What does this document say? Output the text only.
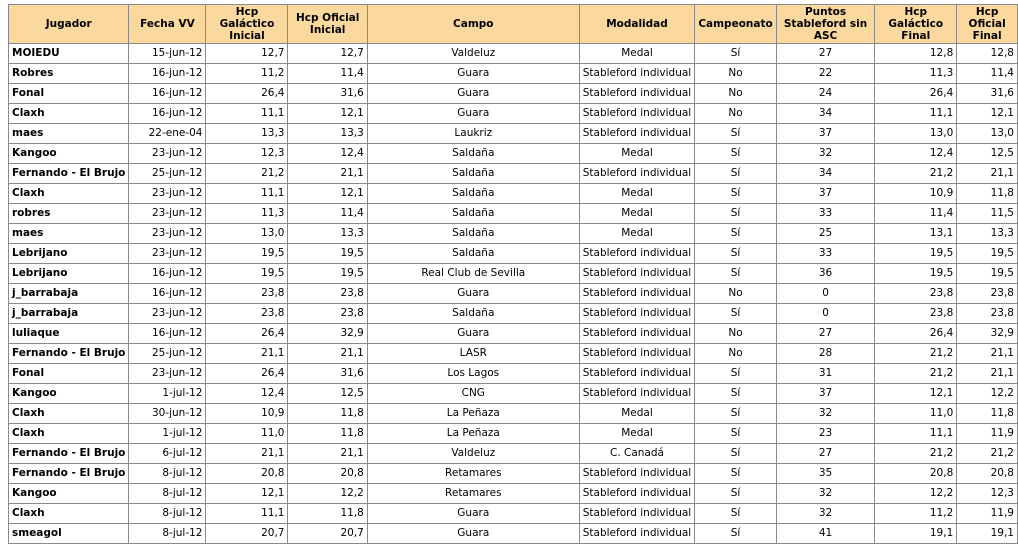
Jugador	Fecha VV	Hcp Galáctico Inicial	Hcp Oficial Inicial	Campo	Modalidad	Campeonato	Puntos Stableford sin ASC	Hcp Galáctico Final	Hcp Oficial Final
MOIEDU	15-jun-12	12,7	12,7	Valdeluz	Medal	Sí	27	12,8	12,8
Robres	16-jun-12	11,2	11,4	Guara	Stableford individual	No	22	11,3	11,4
Fonal	16-jun-12	26,4	31,6	Guara	Stableford individual	No	24	26,4	31,6
Claxh	16-jun-12	11,1	12,1	Guara	Stableford individual	No	34	11,1	12,1
maes	22-ene-04	13,3	13,3	Laukriz	Stableford individual	Sí	37	13,0	13,0
Kangoo	23-jun-12	12,3	12,4	Saldaña	Medal	Sí	32	12,4	12,5
Fernando - El Brujo	25-jun-12	21,2	21,1	Saldaña	Stableford individual	Sí	34	21,2	21,1
Claxh	23-jun-12	11,1	12,1	Saldaña	Medal	Sí	37	10,9	11,8
robres	23-jun-12	11,3	11,4	Saldaña	Medal	Sí	33	11,4	11,5
maes	23-jun-12	13,0	13,3	Saldaña	Medal	Sí	25	13,1	13,3
Lebrijano	23-jun-12	19,5	19,5	Saldaña	Stableford individual	Sí	33	19,5	19,5
Lebrijano	16-jun-12	19,5	19,5	Real Club de Sevilla	Stableford individual	Sí	36	19,5	19,5
j_barrabaja	16-jun-12	23,8	23,8	Guara	Stableford individual	No	0	23,8	23,8
j_barrabaja	23-jun-12	23,8	23,8	Saldaña	Stableford individual	Sí	0	23,8	23,8
luliaque	16-jun-12	26,4	32,9	Guara	Stableford individual	No	27	26,4	32,9
Fernando - El Brujo	25-jun-12	21,1	21,1	LASR	Stableford individual	No	28	21,2	21,1
Fonal	23-jun-12	26,4	31,6	Los Lagos	Stableford individual	Sí	31	21,2	21,1
Kangoo	1-jul-12	12,4	12,5	CNG	Stableford individual	Sí	37	12,1	12,2
Claxh	30-jun-12	10,9	11,8	La Peñaza	Medal	Sí	32	11,0	11,8
Claxh	1-jul-12	11,0	11,8	La Peñaza	Medal	Sí	23	11,1	11,9
Fernando - El Brujo	6-jul-12	21,1	21,1	Valdeluz	C. Canadá	Sí	27	21,2	21,2
Fernando - El Brujo	8-jul-12	20,8	20,8	Retamares	Stableford individual	Sí	35	20,8	20,8
Kangoo	8-jul-12	12,1	12,2	Retamares	Stableford individual	Sí	32	12,2	12,3
Claxh	8-jul-12	11,1	11,8	Guara	Stableford individual	Sí	32	11,2	11,9
smeagol	8-jul-12	20,7	20,7	Guara	Stableford individual	Sí	41	19,1	19,1
